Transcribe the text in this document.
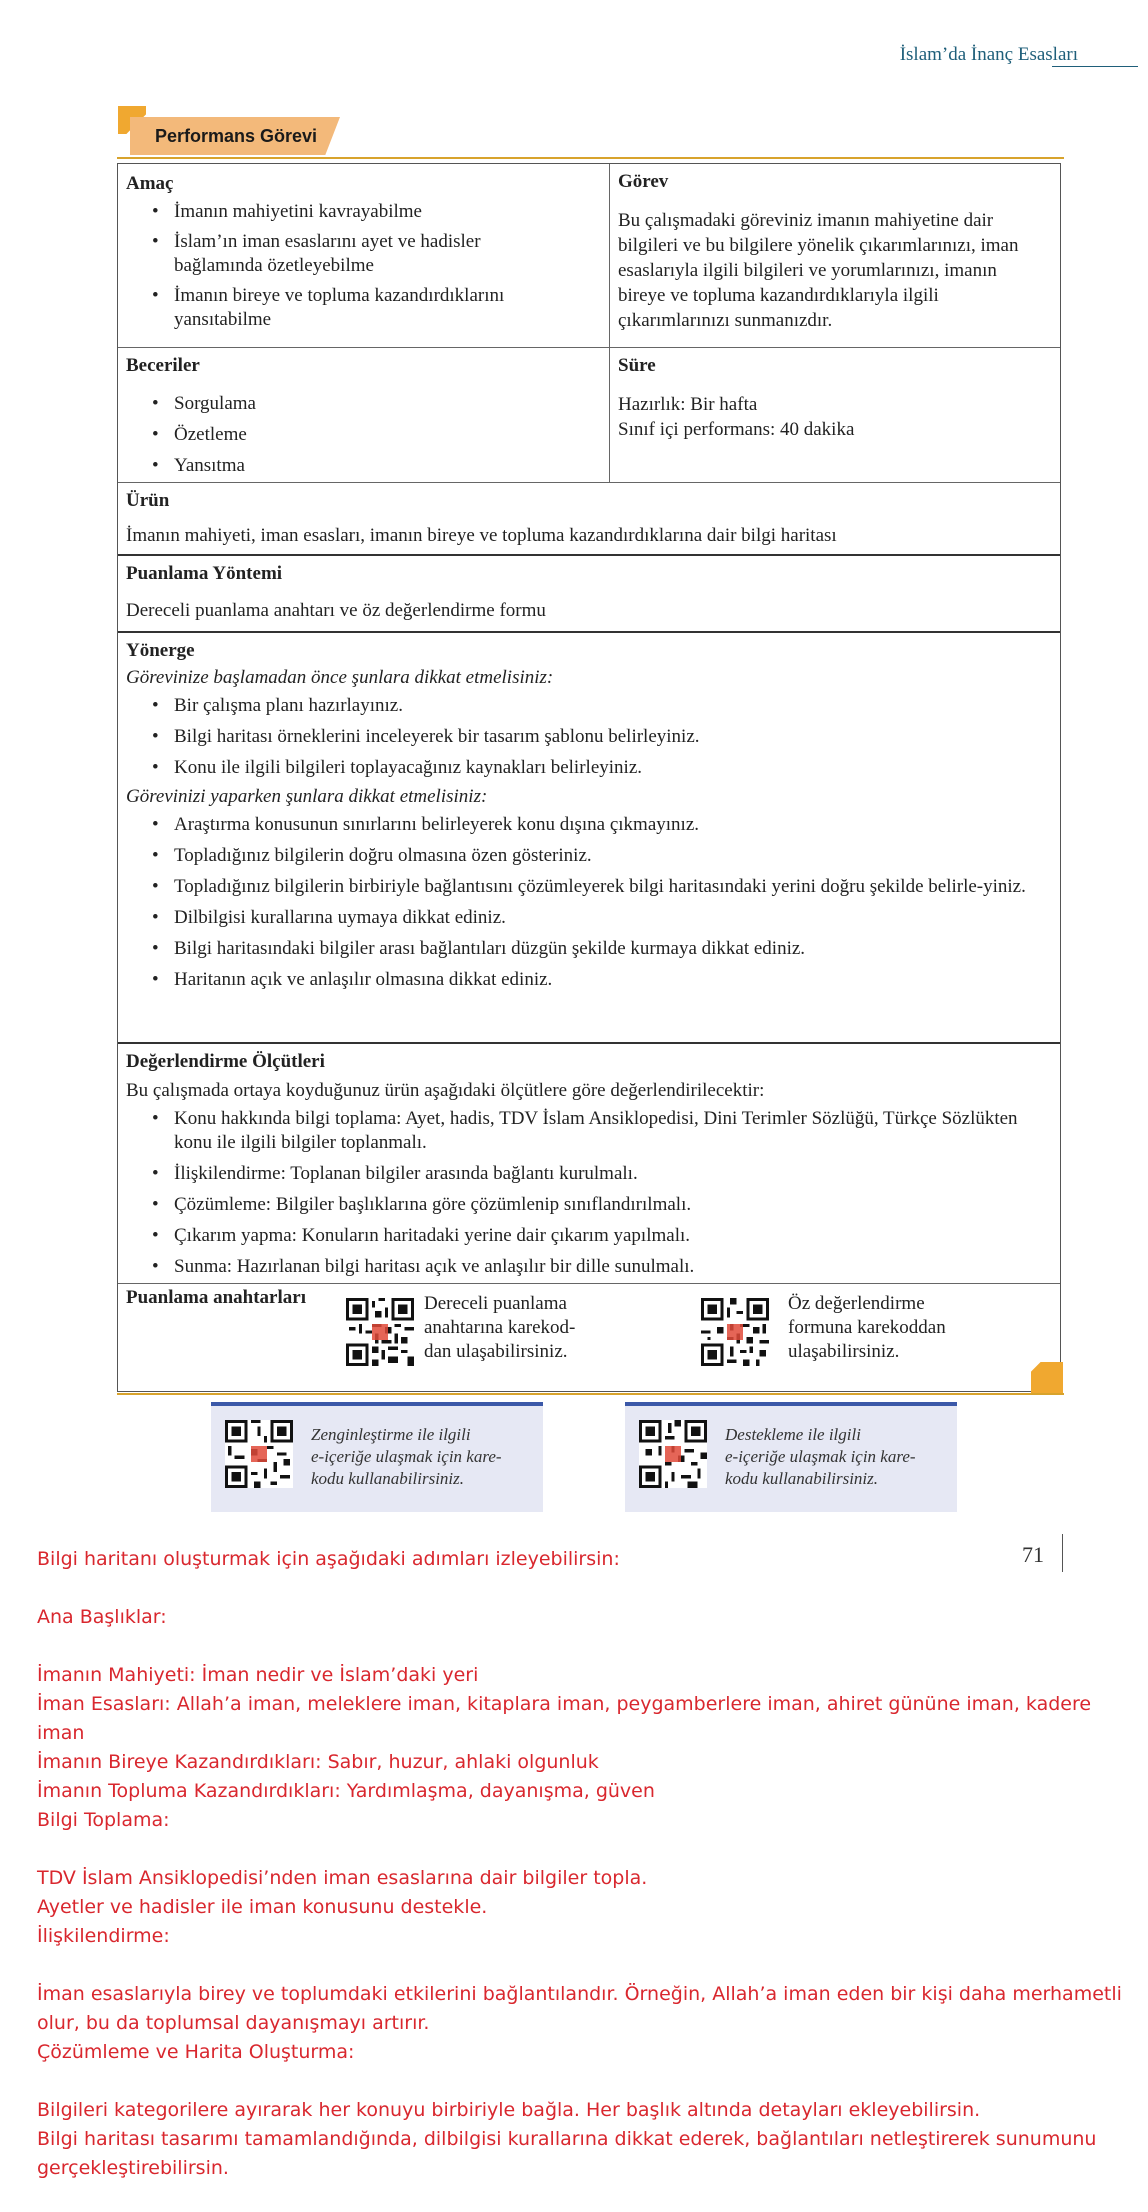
İslam’da İnanç Esasları
Performans Görevi

Amaç

• İmanın mahiyetini kavrayabilme
• İslam’ın iman esaslarını ayet ve hadisler bağlamında özetleyebilme
• İmanın bireye ve topluma kazandırdıklarını yansıtabilme

Görev

Bu çalışmadaki göreviniz imanın mahiyetine dair bilgileri ve bu bilgilere yönelik çıkarımlarınızı, iman esaslarıyla ilgili bilgileri ve yorumlarınızı, imanın bireye ve topluma kazandırdıklarıyla ilgili çıkarımlarınızı sunmanızdır.

Beceriler

• Sorgulama
• Özetleme
• Yansıtma

Süre

Hazırlık: Bir hafta

Sınıf içi performans: 40 dakika

Ürün

İmanın mahiyeti, iman esasları, imanın bireye ve topluma kazandırdıklarına dair bilgi haritası

Puanlama Yöntemi

Dereceli puanlama anahtarı ve öz değerlendirme formu

Yönerge

Görevinize başlamadan önce şunlara dikkat etmelisiniz:

• Bir çalışma planı hazırlayınız.
• Bilgi haritası örneklerini inceleyerek bir tasarım şablonu belirleyiniz.
• Konu ile ilgili bilgileri toplayacağınız kaynakları belirleyiniz.

Görevinizi yaparken şunlara dikkat etmelisiniz:

• Araştırma konusunun sınırlarını belirleyerek konu dışına çıkmayınız.
• Topladığınız bilgilerin doğru olmasına özen gösteriniz.
• Topladığınız bilgilerin birbiriyle bağlantısını çözümleyerek bilgi haritasındaki yerini doğru şekilde belirle-yiniz.
• Dilbilgisi kurallarına uymaya dikkat ediniz.
• Bilgi haritasındaki bilgiler arası bağlantıları düzgün şekilde kurmaya dikkat ediniz.
• Haritanın açık ve anlaşılır olmasına dikkat ediniz.

Değerlendirme Ölçütleri

Bu çalışmada ortaya koyduğunuz ürün aşağıdaki ölçütlere göre değerlendirilecektir:

• Konu hakkında bilgi toplama: Ayet, hadis, TDV İslam Ansiklopedisi, Dini Terimler Sözlüğü, Türkçe Sözlükten konu ile ilgili bilgiler toplanmalı.
• İlişkilendirme: Toplanan bilgiler arasında bağlantı kurulmalı.
• Çözümleme: Bilgiler başlıklarına göre çözümlenip sınıflandırılmalı.
• Çıkarım yapma: Konuların haritadaki yerine dair çıkarım yapılmalı.
• Sunma: Hazırlanan bilgi haritası açık ve anlaşılır bir dille sunulmalı.

Puanlama anahtarları	Dereceli puanlama
anahtarına karekod-
dan ulaşabilirsiniz.
Öz değerlendirme
formuna karekoddan
ulaşabilirsiniz.
Zenginleştirme ile ilgili
e-içeriğe ulaşmak için kare-
kodu kullanabilirsiniz.
Destekleme ile ilgili
e-içeriğe ulaşmak için kare-
kodu kullanabilirsiniz.
71
Bilgi haritanı oluşturmak için aşağıdaki adımları izleyebilirsin:
Ana Başlıklar:
İmanın Mahiyeti: İman nedir ve İslam’daki yeri
İman Esasları: Allah’a iman, meleklere iman, kitaplara iman, peygamberlere iman, ahiret gününe iman, kadere iman
İmanın Bireye Kazandırdıkları: Sabır, huzur, ahlaki olgunluk
İmanın Topluma Kazandırdıkları: Yardımlaşma, dayanışma, güven
Bilgi Toplama:
TDV İslam Ansiklopedisi’nden iman esaslarına dair bilgiler topla.
Ayetler ve hadisler ile iman konusunu destekle.
İlişkilendirme:
İman esaslarıyla birey ve toplumdaki etkilerini bağlantılandır. Örneğin, Allah’a iman eden bir kişi daha merhametli olur, bu da toplumsal dayanışmayı artırır.
Çözümleme ve Harita Oluşturma:
Bilgileri kategorilere ayırarak her konuyu birbiriyle bağla. Her başlık altında detayları ekleyebilirsin.
Bilgi haritası tasarımı tamamlandığında, dilbilgisi kurallarına dikkat ederek, bağlantıları netleştirerek sunumunu gerçekleştirebilirsin.
